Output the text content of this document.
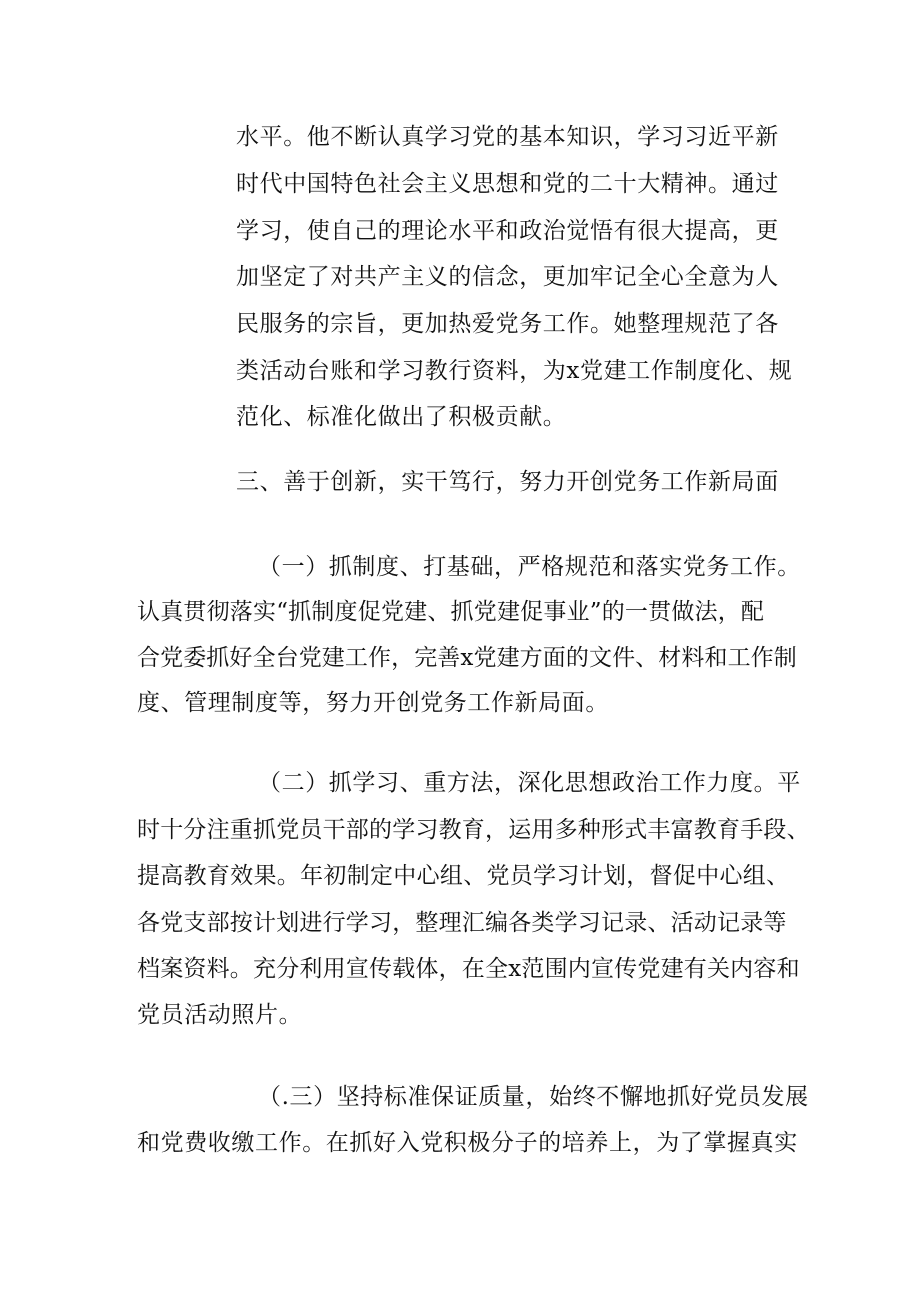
水平。他不断认真学习党的基本知识，学习习近平新
时代中国特色社会主义思想和党的二十大精神。通过
学习，使自己的理论水平和政治觉悟有很大提高，更
加坚定了对共产主义的信念，更加牢记全心全意为人
民服务的宗旨，更加热爱党务工作。她整理规范了各
类活动台账和学习教行资料，为x党建工作制度化、规
范化、标准化做出了积极贡献。
三、善于创新，实干笃行，努力开创党务工作新局面
（一）抓制度、打基础，严格规范和落实党务工作。
认真贯彻落实“抓制度促党建、抓党建促事业”的一贯做法，配
合党委抓好全台党建工作，完善x党建方面的文件、材料和工作制
度、管理制度等，努力开创党务工作新局面。
（二）抓学习、重方法，深化思想政治工作力度。平
时十分注重抓党员干部的学习教育，运用多种形式丰富教育手段、
提高教育效果。年初制定中心组、党员学习计划，督促中心组、
各党支部按计划进行学习，整理汇编各类学习记录、活动记录等
档案资料。充分利用宣传载体，在全x范围内宣传党建有关内容和
党员活动照片。
（.三）坚持标准保证质量，始终不懈地抓好党员发展
和党费收缴工作。在抓好入党积极分子的培养上，为了掌握真实
